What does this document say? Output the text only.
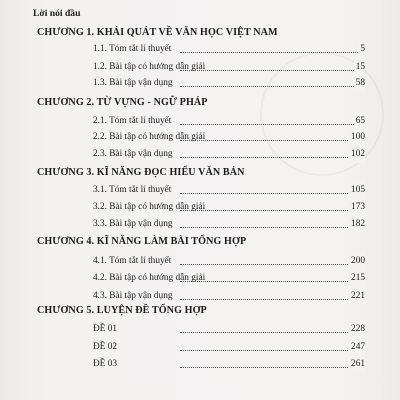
Lời nói đầu
CHƯƠNG 1. KHÁI QUÁT VỀ VĂN HỌC VIỆT NAM
1.1. Tóm tắt lí thuyết	5
1.2. Bài tập có hướng dẫn giải	15
1.3. Bài tập vận dụng	58
CHƯƠNG 2. TỪ VỰNG - NGỮ PHÁP
2.1. Tóm tắt lí thuyết	65
2.2. Bài tập có hướng dẫn giải	100
2.3. Bài tập vận dụng	102
CHƯƠNG 3. KĨ NĂNG ĐỌC HIỂU VĂN BẢN
3.1. Tóm tắt lí thuyết	105
3.2. Bài tập có hướng dẫn giải	173
3.3. Bài tập vận dụng	182
CHƯƠNG 4. KĨ NĂNG LÀM BÀI TỔNG HỢP
4.1. Tóm tắt lí thuyết	200
4.2. Bài tập có hướng dẫn giải	215
4.3. Bài tập vận dụng	221
CHƯƠNG 5. LUYỆN ĐỀ TỔNG HỢP
ĐỀ 01	228
ĐỀ 02	247
ĐỀ 03	261
